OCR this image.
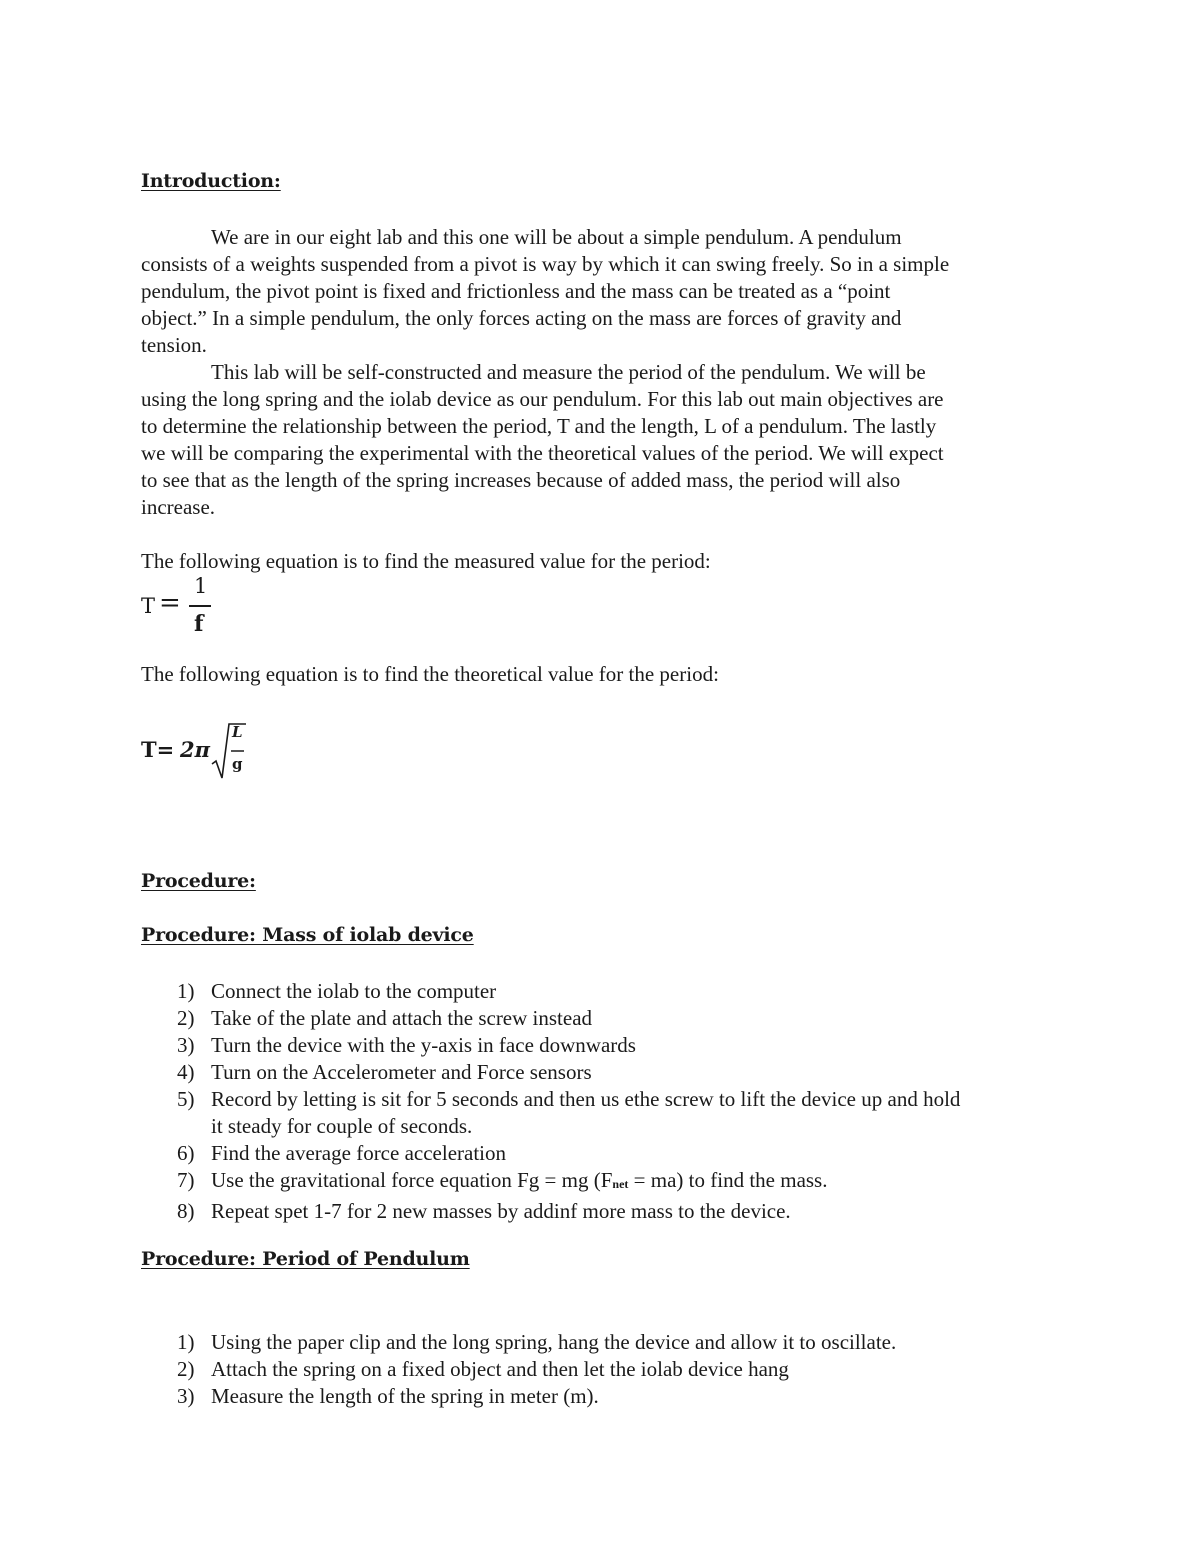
Introduction:
We are in our eight lab and this one will be about a simple pendulum. A pendulum
consists of a weights suspended from a pivot is way by which it can swing freely. So in a simple
pendulum, the pivot point is fixed and frictionless and the mass can be treated as a “point
object.” In a simple pendulum, the only forces acting on the mass are forces of gravity and
tension.
This lab will be self-constructed and measure the period of the pendulum. We will be
using the long spring and the iolab device as our pendulum. For this lab out main objectives are
to determine the relationship between the period, T and the length, L of a pendulum. The lastly
we will be comparing the experimental with the theoretical values of the period. We will expect
to see that as the length of the spring increases because of added mass, the period will also
increase.
The following equation is to find the measured value for the period:
T =
1
f
The following equation is to find the theoretical value for the period:
T= 2π
L
g
Procedure:
Procedure: Mass of iolab device
1) Connect the iolab to the computer
2) Take of the plate and attach the screw instead
3) Turn the device with the y-axis in face downwards
4) Turn on the Accelerometer and Force sensors
5) Record by letting is sit for 5 seconds and then us ethe screw to lift the device up and hold
it steady for couple of seconds.
6) Find the average force acceleration
7) Use the gravitational force equation Fg = mg $(F_{net} = ma)$ to find the mass.
8) Repeat spet 1-7 for 2 new masses by addinf more mass to the device.
Procedure: Period of Pendulum
1) Using the paper clip and the long spring, hang the device and allow it to oscillate.
2) Attach the spring on a fixed object and then let the iolab device hang
3) Measure the length of the spring in meter (m).
